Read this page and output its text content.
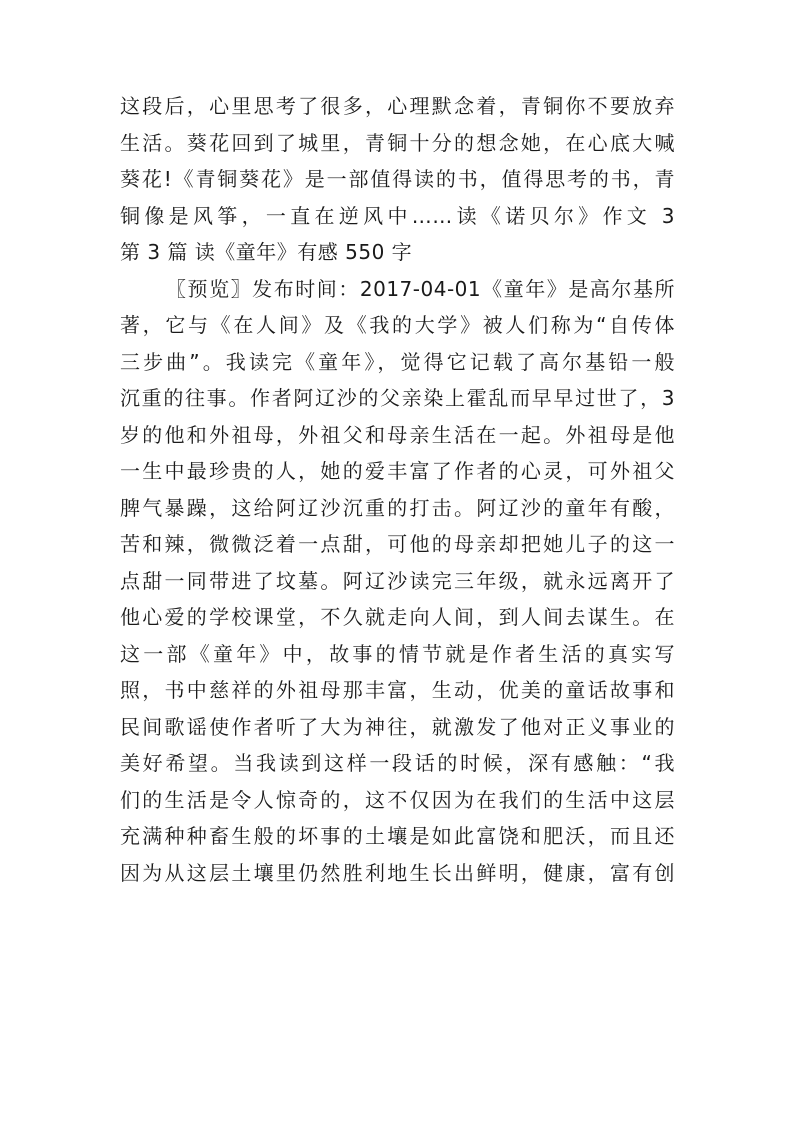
这段后，心里思考了很多，心理默念着，青铜你不要放弃
生活。葵花回到了城里，青铜十分的想念她，在心底大喊
葵花!《青铜葵花》是一部值得读的书，值得思考的书，青
铜像是风筝，一直在逆风中……读《诺贝尔》作文 3
第 3 篇 读《童年》有感 550 字
〖预览〗发布时间：2017-04-01《童年》是高尔基所
著，它与《在人间》及《我的大学》被人们称为“自传体
三步曲”。我读完《童年》，觉得它记载了高尔基铅一般
沉重的往事。作者阿辽沙的父亲染上霍乱而早早过世了，3
岁的他和外祖母，外祖父和母亲生活在一起。外祖母是他
一生中最珍贵的人，她的爱丰富了作者的心灵，可外祖父
脾气暴躁，这给阿辽沙沉重的打击。阿辽沙的童年有酸，
苦和辣，微微泛着一点甜，可他的母亲却把她儿子的这一
点甜一同带进了坟墓。阿辽沙读完三年级，就永远离开了
他心爱的学校课堂，不久就走向人间，到人间去谋生。在
这一部《童年》中，故事的情节就是作者生活的真实写
照，书中慈祥的外祖母那丰富，生动，优美的童话故事和
民间歌谣使作者听了大为神往，就激发了他对正义事业的
美好希望。当我读到这样一段话的时候，深有感触：“我
们的生活是令人惊奇的，这不仅因为在我们的生活中这层
充满种种畜生般的坏事的土壤是如此富饶和肥沃，而且还
因为从这层土壤里仍然胜利地生长出鲜明，健康，富有创
